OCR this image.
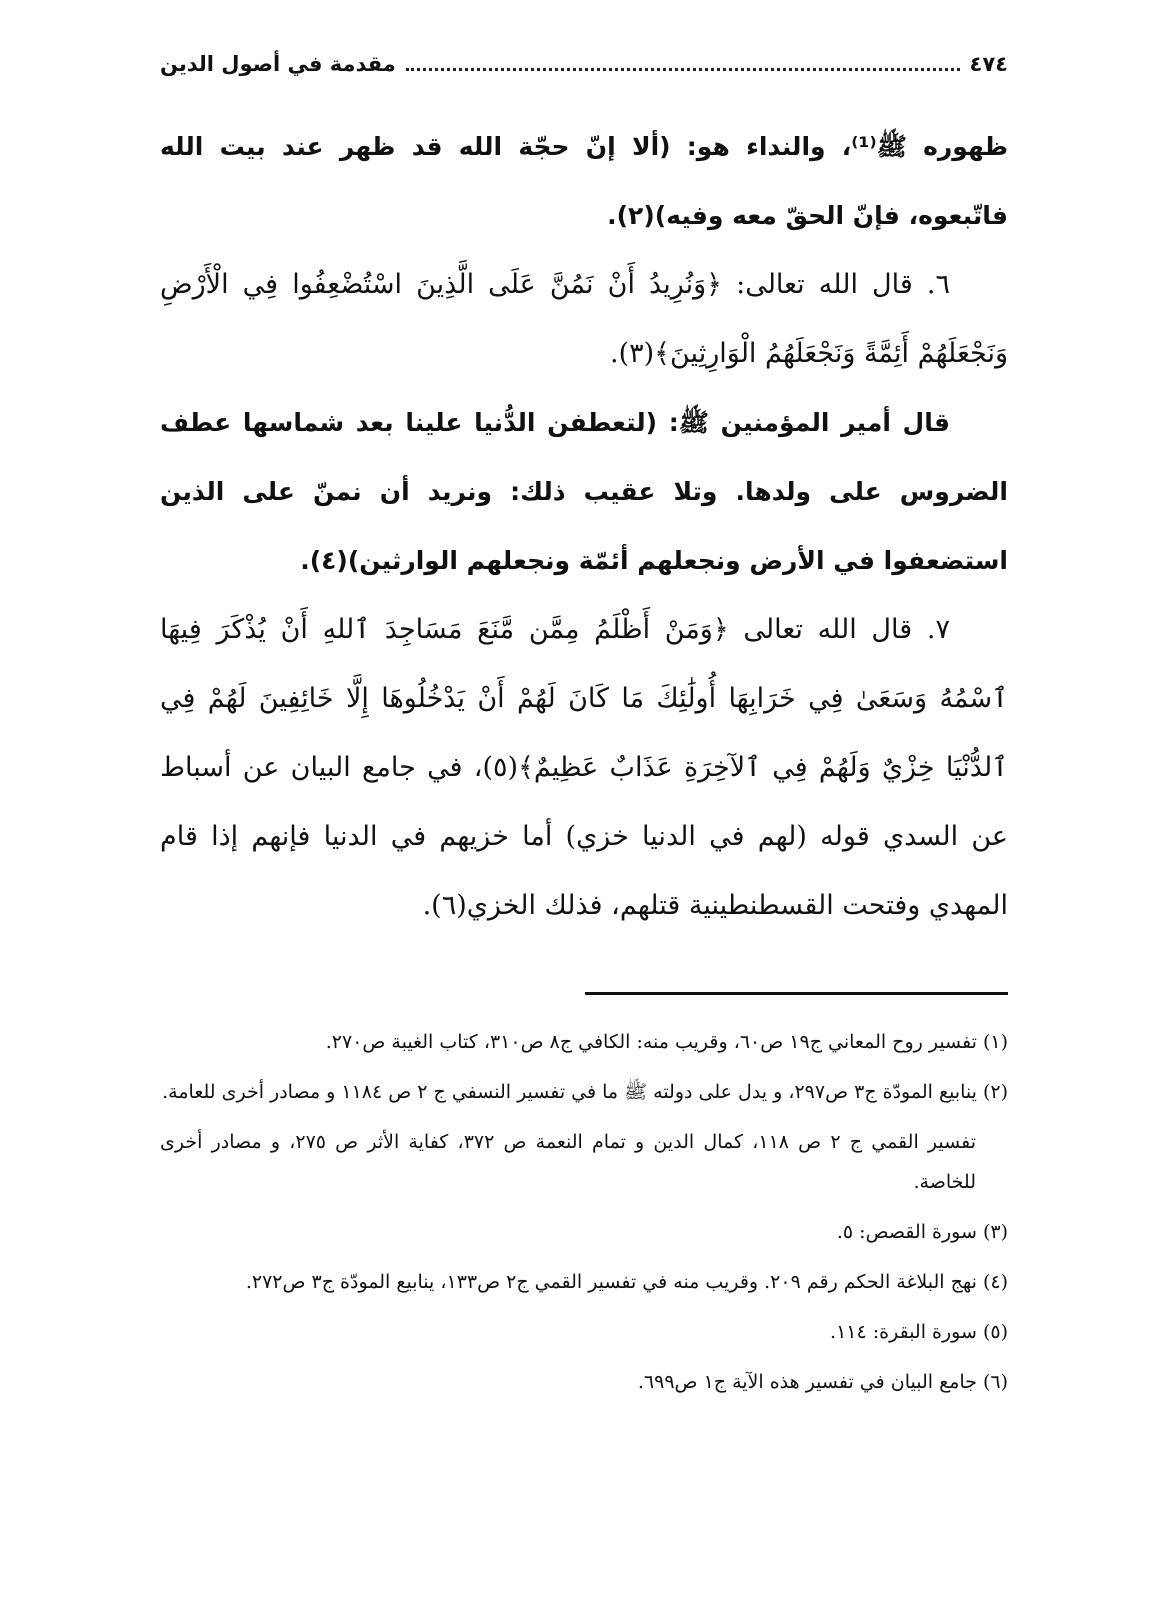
٤٧٤
مقدمة في أصول الدين

ظهوره ﷺ⁽¹⁾، والنداء هو: (ألا إنّ حجّة الله قد ظهر عند بيت الله فاتّبعوه، فإنّ الحقّ معه وفيه)(٢).

٦. قال الله تعالى: ﴿وَنُرِيدُ أَنْ نَمُنَّ عَلَى الَّذِينَ اسْتُضْعِفُوا فِي الْأَرْضِ وَنَجْعَلَهُمْ أَئِمَّةً وَنَجْعَلَهُمُ الْوَارِثِينَ﴾(٣).

قال أمير المؤمنين ﷺ: (لتعطفن الدُّنيا علينا بعد شماسها عطف الضروس على ولدها. وتلا عقيب ذلك: ونريد أن نمنّ على الذين استضعفوا في الأرض ونجعلهم أئمّة ونجعلهم الوارثين)(٤).

٧. قال الله تعالى ﴿وَمَنْ أَظْلَمُ مِمَّن مَّنَعَ مَسَاجِدَ ٱللهِ أَنْ يُذْكَرَ فِيهَا ٱسْمُهُ وَسَعَىٰ فِي خَرَابِهَا أُولَٰئِكَ مَا كَانَ لَهُمْ أَنْ يَدْخُلُوهَا إِلَّا خَائِفِينَ لَهُمْ فِي ٱلدُّنْيَا خِزْيٌ وَلَهُمْ فِي ٱلآخِرَةِ عَذَابٌ عَظِيمٌ﴾(٥)، في جامع البيان عن أسباط عن السدي قوله (لهم في الدنيا خزي) أما خزيهم في الدنيا فإنهم إذا قام المهدي وفتحت القسطنطينية قتلهم، فذلك الخزي(٦).

(١) تفسير روح المعاني ج١٩ ص٦٠، وقريب منه: الكافي ج٨ ص٣١٠، كتاب الغيبة ص٢٧٠.

(٢) ينابيع المودّة ج٣ ص٢٩٧، و يدل على دولته ﷺ ما في تفسير النسفي ج ٢ ص ١١٨٤ و مصادر أخرى للعامة.

تفسير القمي ج ٢ ص ١١٨، كمال الدين و تمام النعمة ص ٣٧٢، كفاية الأثر ص ٢٧٥، و مصادر أخرى للخاصة.

(٣) سورة القصص: ٥.

(٤) نهج البلاغة الحكم رقم ٢٠٩. وقريب منه في تفسير القمي ج٢ ص١٣٣، ينابيع المودّة ج٣ ص٢٧٢.

(٥) سورة البقرة: ١١٤.

(٦) جامع البيان في تفسير هذه الآية ج١ ص٦٩٩.
